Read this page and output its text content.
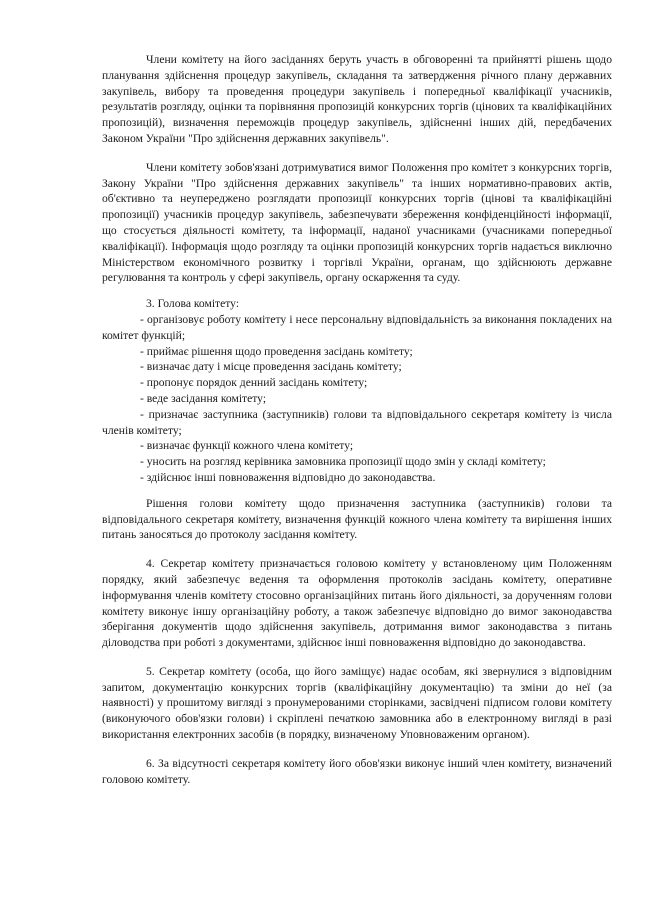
Члени комітету на його засіданнях беруть участь в обговоренні та прийнятті рішень щодо планування здійснення процедур закупівель, складання та затвердження річного плану державних закупівель, вибору та проведення процедури закупівель і попередньої кваліфікації учасників, результатів розгляду, оцінки та порівняння пропозицій конкурсних торгів (цінових та кваліфікаційних пропозицій), визначення переможців процедур закупівель, здійсненні інших дій, передбачених Законом України "Про здійснення державних закупівель".

Члени комітету зобов'язані дотримуватися вимог Положення про комітет з конкурсних торгів, Закону України "Про здійснення державних закупівель" та інших нормативно-правових актів, об'єктивно та неупереджено розглядати пропозиції конкурсних торгів (цінові та кваліфікаційні пропозиції) учасників процедур закупівель, забезпечувати збереження конфіденційності інформації, що стосується діяльності комітету, та інформації, наданої учасниками (учасниками попередньої кваліфікації). Інформація щодо розгляду та оцінки пропозицій конкурсних торгів надається виключно Міністерством економічного розвитку і торгівлі України, органам, що здійснюють державне регулювання та контроль у сфері закупівель, органу оскарження та суду.

3. Голова комітету:

- організовує роботу комітету і несе персональну відповідальність за виконання покладених на комітет функцій;

- приймає рішення щодо проведення засідань комітету;

- визначає дату і місце проведення засідань комітету;

- пропонує порядок денний засідань комітету;

- веде засідання комітету;

- призначає заступника (заступників) голови та відповідального секретаря комітету із числа членів комітету;

- визначає функції кожного члена комітету;

- уносить на розгляд керівника замовника пропозиції щодо змін у складі комітету;

- здійснює інші повноваження відповідно до законодавства.

Рішення голови комітету щодо призначення заступника (заступників) голови та відповідального секретаря комітету, визначення функцій кожного члена комітету та вирішення інших питань заносяться до протоколу засідання комітету.

4. Секретар комітету призначається головою комітету у встановленому цим Положенням порядку, який забезпечує ведення та оформлення протоколів засідань комітету, оперативне інформування членів комітету стосовно організаційних питань його діяльності, за дорученням голови комітету виконує іншу організаційну роботу, а також забезпечує відповідно до вимог законодавства зберігання документів щодо здійснення закупівель, дотримання вимог законодавства з питань діловодства при роботі з документами, здійснює інші повноваження відповідно до законодавства.

5. Секретар комітету (особа, що його заміщує) надає особам, які звернулися з відповідним запитом, документацію конкурсних торгів (кваліфікаційну документацію) та зміни до неї (за наявності) у прошитому вигляді з пронумерованими сторінками, засвідчені підписом голови комітету (виконуючого обов'язки голови) і скріплені печаткою замовника або в електронному вигляді в разі використання електронних засобів (в порядку, визначеному Уповноваженим органом).

6. За відсутності секретаря комітету його обов'язки виконує інший член комітету, визначений головою комітету.
